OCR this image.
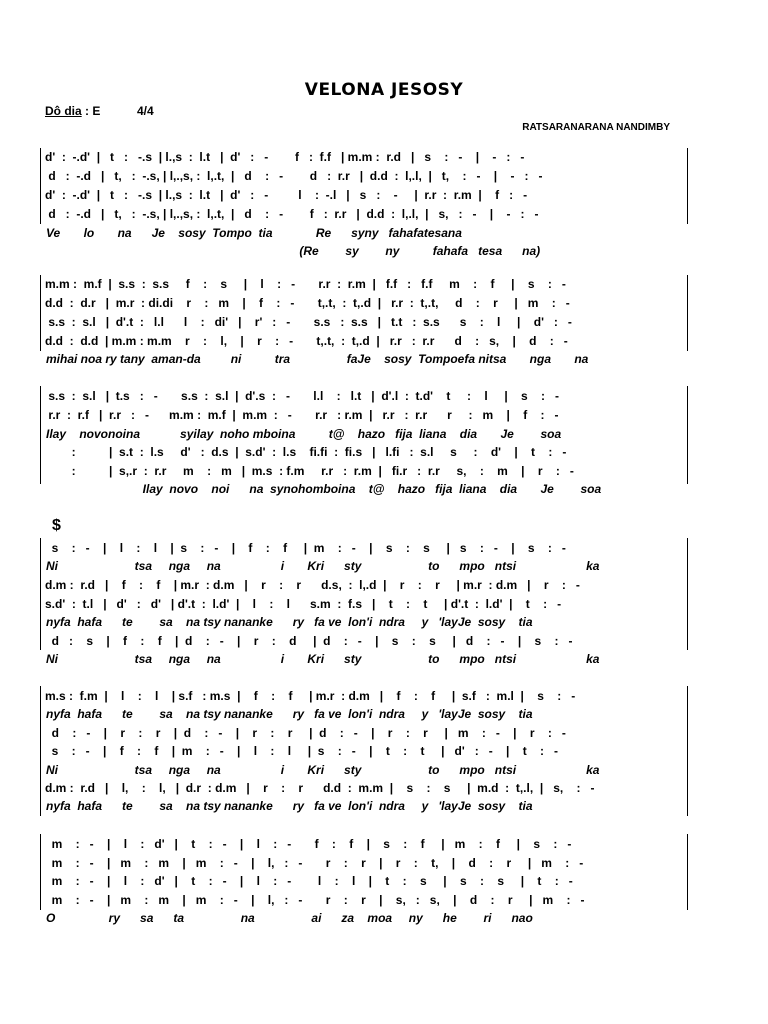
VELONA JESOSY
Dô dia : E	4/4
RATSARANARANA NANDIMBY
$
d'  :  -.d'  |   t   :   -.s  | l.,s  :  l.t   |  d'   :   -        f   :  f.f   | m.m :  r.d   |   s    :   -    |    -   :   -
d   :  -.d   |   t,   :  -.s, | l,.,s, :  l,.t,  |   d    :   -        d   :  r.r   |  d.d  :  l,.l,  |   t,    :   -    |    -   :   -
d'  :  -.d'  |   t   :   -.s  | l.,s  :  l.t   |  d'   :   -         l    :  -.l   |   s   :    -     |  r.r  :  r.m  |    f   :   -
d   :  -.d   |   t,   :  -.s, | l,.,s, :  l,.t,  |   d    :   -        f   :  r.r   |  d.d  :  l,.l,  |   s,   :   -    |    -   :   -
Ve       lo       na      Je    sosy  Tompo  tia             Re      syny   fahafatesana
(Re        sy        ny          fahafa   tesa      na)
m.m :  m.f  |  s.s  :  s.s     f    :    s     |    l    :   -       r.r  :  r.m  |   f.f   :   f.f     m    :    f     |    s    :   -
d.d  :  d.r   |  m.r  : di.di    r    :   m    |    f    :   -       t,.t,  :  t,.d  |   r.r  :  t,.t,     d    :    r     |   m    :   -
s.s  :  s.l   |  d'.t  :   l.l      l    :   di'   |    r'   :   -       s.s   :  s.s   |   t.t   :  s.s      s    :    l     |    d'   :   -
d.d  :  d.d  | m.m : m.m    r    :    l,    |    r    :   -       t,.t,  :  t,.d  |   r.r   :  r.r      d    :   s,    |    d    :   -
mihai noa ry tany  aman-da         ni          tra                 faJe    sosy  Tompoefa nitsa       nga       na
s.s  :  s.l   |  t.s   :   -       s.s  :  s.l  |  d'.s  :   -       l.l    :   l.t   |  d'.l  :  t.d'    t     :    l     |    s    :   -
r.r  :  r.f   |  r.r   :   -      m.m :  m.f  |  m.m  :   -       r.r   : r.m  |   r.r   :  r.r      r     :   m    |    f    :   -
Ilay    novonoina            syilay  noho mboina          t@    hazo   fija  liana    dia       Je        soa
:          |  s.t  :  l.s     d'   :  d.s  |  s.d'  :  l.s    fi.fi  :  fi.s   |   l.fi   :  s.l     s     :    d'    |    t    :   -
:          |  s,.r  :  r.r     m    :   m   |  m.s  : f.m     r.r   :  r.m  |   fi.r   :  r.r     s,    :    m    |    r    :   -
Ilay  novo    noi      na  synohomboina    t@    hazo   fija  liana    dia       Je        soa
s    :   -    |    l    :    l    |  s    :   -    |    f    :    f     |  m    :   -    |    s    :    s     |   s    :   -    |    s    :   -
Ni                       tsa     nga     na                  i       Kri      sty                    to      mpo   ntsi                     ka
d.m :  r.d   |    f    :    f    | m.r  : d.m   |    r    :    r      d.s,  :  l,.d  |    r    :    r     | m.r  : d.m   |    r    :   -
s.d'  :  t.l   |   d'   :   d'   | d'.t  :  l.d'  |    l    :    l      s.m  :  f.s   |    t    :    t     | d'.t  :  l.d'  |    t    :   -
nyfa  hafa      te        sa    na tsy nananke      ry   fa ve  lon'i  ndra     y   'layJe  sosy    tia
d   :    s    |    f    :    f    |  d    :   -    |    r    :    d     |  d    :   -    |    s    :    s     |   d    :   -    |    s    :   -
Ni                       tsa     nga     na                  i       Kri      sty                    to      mpo   ntsi                     ka
m.s :  f.m  |    l    :    l    | s.f   : m.s  |    f    :    f     | m.r  : d.m   |    f    :    f     |  s.f   :  m.l  |    s    :   -
nyfa  hafa      te        sa    na tsy nananke      ry   fa ve  lon'i  ndra     y   'layJe  sosy    tia
d    :   -    |    r    :    r    |  d    :   -    |    r    :    r     |  d    :   -    |    r    :    r     |   m    :   -    |    r    :   -
s    :   -    |    f    :    f    |  m    :   -    |    l    :    l     |  s    :   -    |    t    :    t     |   d'   :   -    |    t    :   -
Ni                       tsa     nga     na                  i       Kri      sty                    to      mpo   ntsi                     ka
d.m :  r.d   |    l,    :    l,   |  d.r  : d.m   |    r    :    r      d.d  :  m.m  |    s    :    s     |  m.d  :  t,.l,  |   s,    :   -
nyfa  hafa      te        sa    na tsy nananke      ry   fa ve  lon'i  ndra     y   'layJe  sosy    tia
m    :   -    |    l    :   d'   |    t    :   -    |    l    :   -       f    :    f    |    s    :    f     |   m    :    f     |    s    :   -
m    :   -    |   m    :   m    |   m    :   -    |    l,   :   -       r    :    r    |    r    :    t,    |    d    :    r     |   m    :   -
m    :   -    |    l    :   d'   |    t    :   -    |    l    :   -        l    :    l    |    t    :    s     |    s    :    s     |    t    :   -
m    :   -    |   m    :   m    |   m    :   -    |    l,   :   -       r    :    r    |    s,   :   s,    |    d    :    r     |   m    :   -
O                ry      sa      ta                 na                 ai      za    moa     ny      he        ri      nao
